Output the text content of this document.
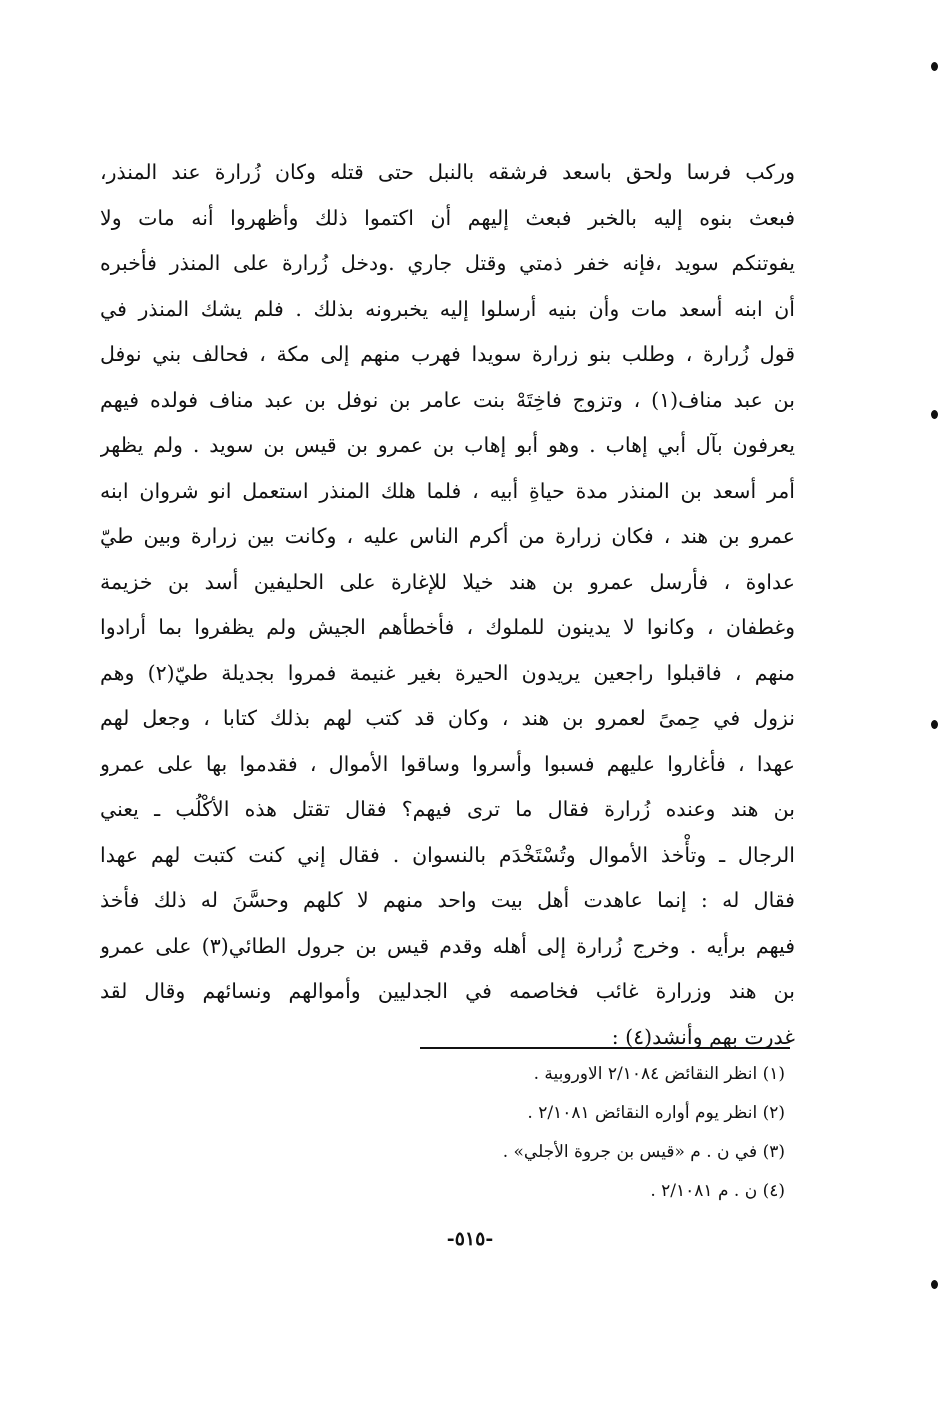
وركب فرسا ولحق باسعد فرشقه بالنبل حتى قتله وكان زُرارة عند المنذر،
فبعث بنوه إليه بالخبر فبعث إليهم أن اكتموا ذلك وأظهروا أنه مات ولا
يفوتنكم سويد ،فإنه خفر ذمتي وقتل جاري .ودخل زُرارة على المنذر فأخبره
أن ابنه أسعد مات وأن بنيه أرسلوا إليه يخبرونه بذلك . فلم يشك المنذر في
قول زُرارة ، وطلب بنو زرارة سويدا فهرب منهم إلى مكة ، فحالف بني نوفل
بن عبد مناف(١) ، وتزوج فاخِتَهْ بنت عامر بن نوفل بن عبد مناف فولده فيهم
يعرفون بآل أبي إهاب . وهو أبو إهاب بن عمرو بن قيس بن سويد . ولم يظهر
أمر أسعد بن المنذر مدة حياةِ أبيه ، فلما هلك المنذر استعمل انو شروان ابنه
عمرو بن هند ، فكان زرارة من أكرم الناس عليه ، وكانت بين زرارة وبين طيّ
عداوة ، فأرسل عمرو بن هند خيلا للإغارة على الحليفين أسد بن خزيمة
وغطفان ، وكانوا لا يدينون للملوك ، فأخطأهم الجيش ولم يظفروا بما أرادوا
منهم ، فاقبلوا راجعين يريدون الحيرة بغير غنيمة فمروا بجديلة طيّ(٢) وهم
نزول في حِمىً لعمرو بن هند ، وكان قد كتب لهم بذلك كتابا ، وجعل لهم
عهدا ، فأغاروا عليهم فسبوا وأسروا وساقوا الأموال ، فقدموا بها على عمرو
بن هند وعنده زُرارة فقال ما ترى فيهم؟ فقال تقتل هذه الأكْلُب ـ يعني
الرجال ـ وتأْخذ الأموال وتُسْتَخْدَم بالنسوان . فقال إني كنت كتبت لهم عهدا
فقال له : إنما عاهدت أهل بيت واحد منهم لا كلهم وحسَّنَ له ذلك فأخذ
فيهم برأيه . وخرج زُرارة إلى أهله وقدم قيس بن جرول الطائي(٣) على عمرو
بن هند وزرارة غائب فخاصمه في الجدليين وأموالهم ونسائهم وقال لقد
غدرت بهم وأنشد(٤) :
(١) انظر النقائض ٢/١٠٨٤ الاوروبية .
(٢) انظر يوم أواره النقائض ٢/١٠٨١ .
(٣) في ن . م «قيس بن جروة الأجلي» .
(٤) ن . م ٢/١٠٨١ .
-٥١٥-
